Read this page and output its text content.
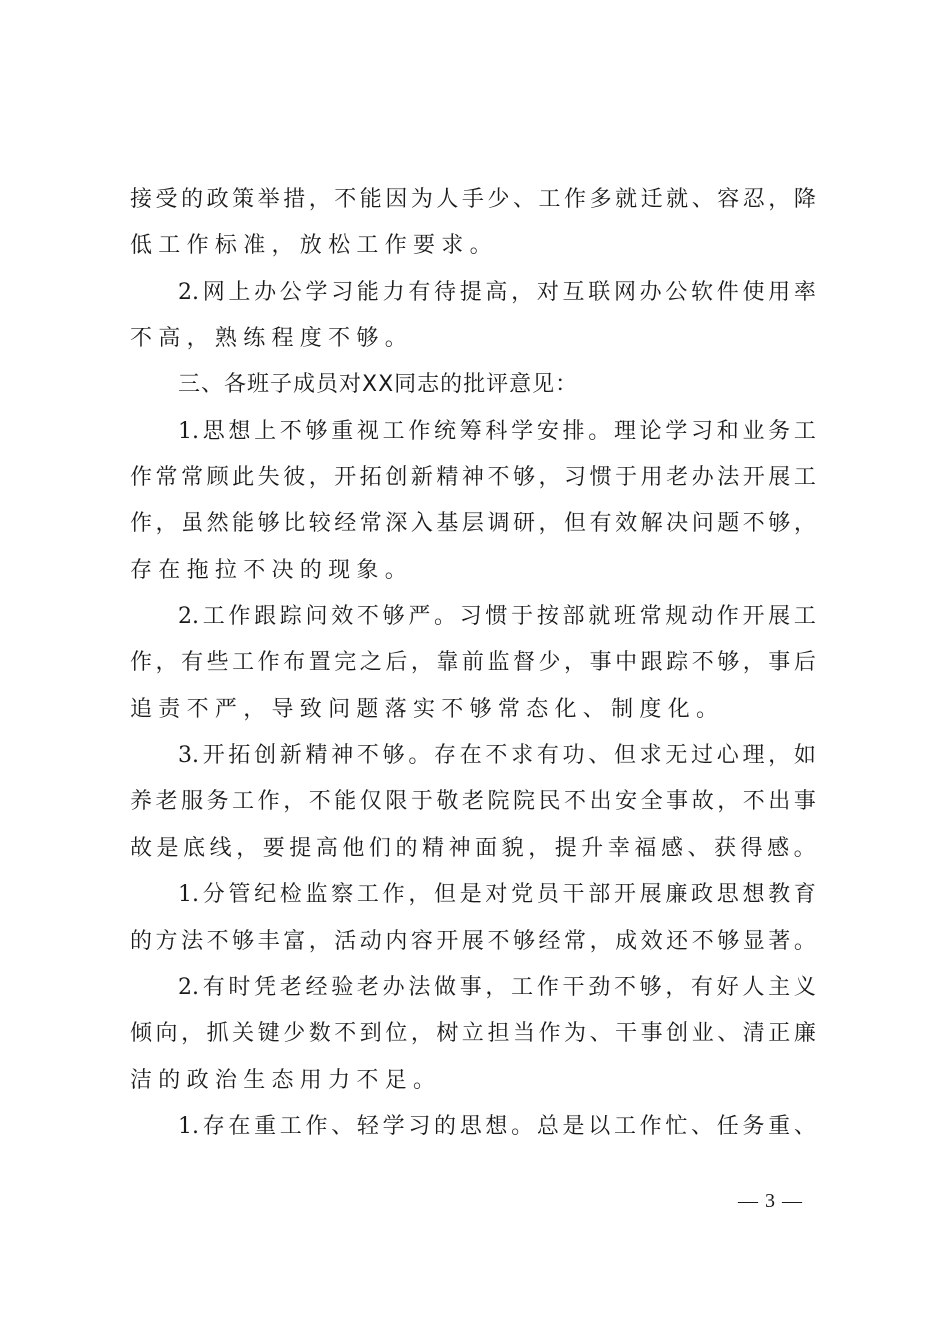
接 受 的 政 策 举 措 ， 不 能 因 为 人 手 少 、 工 作 多 就 迁 就 、 容 忍 ， 降
低工作标准，放松工作要求。
2. 网 上 办 公 学 习 能 力 有 待 提 高 ， 对 互 联 网 办 公 软 件 使 用 率
不高，熟练程度不够。
三、各班子成员对XX同志的批评意见：
1. 思 想 上 不 够 重 视 工 作 统 筹 科 学 安 排 。 理 论 学 习 和 业 务 工
作 常 常 顾 此 失 彼 ， 开 拓 创 新 精 神 不 够 ， 习 惯 于 用 老 办 法 开 展 工
作 ， 虽 然 能 够 比 较 经 常 深 入 基 层 调 研 ， 但 有 效 解 决 问 题 不 够 ，
存在拖拉不决的现象。
2. 工 作 跟 踪 问 效 不 够 严 。 习 惯 于 按 部 就 班 常 规 动 作 开 展 工
作 ， 有 些 工 作 布 置 完 之 后 ， 靠 前 监 督 少 ， 事 中 跟 踪 不 够 ， 事 后
追责不严，导致问题落实不够常态化、制度化。
3. 开 拓 创 新 精 神 不 够 。 存 在 不 求 有 功 、 但 求 无 过 心 理 ， 如
养 老 服 务 工 作 ， 不 能 仅 限 于 敬 老 院 院 民 不 出 安 全 事 故 ， 不 出 事
故 是 底 线 ， 要 提 高 他 们 的 精 神 面 貌 ， 提 升 幸 福 感 、 获 得 感 。
1. 分 管 纪 检 监 察 工 作 ， 但 是 对 党 员 干 部 开 展 廉 政 思 想 教 育
的 方 法 不 够 丰 富 ， 活 动 内 容 开 展 不 够 经 常 ， 成 效 还 不 够 显 著 。
2. 有 时 凭 老 经 验 老 办 法 做 事 ， 工 作 干 劲 不 够 ， 有 好 人 主 义
倾 向 ， 抓 关 键 少 数 不 到 位 ， 树 立 担 当 作 为 、 干 事 创 业 、 清 正 廉
洁的政治生态用力不足。
1. 存 在 重 工 作 、 轻 学 习 的 思 想 。 总 是 以 工 作 忙 、 任 务 重 、
— 3 —
